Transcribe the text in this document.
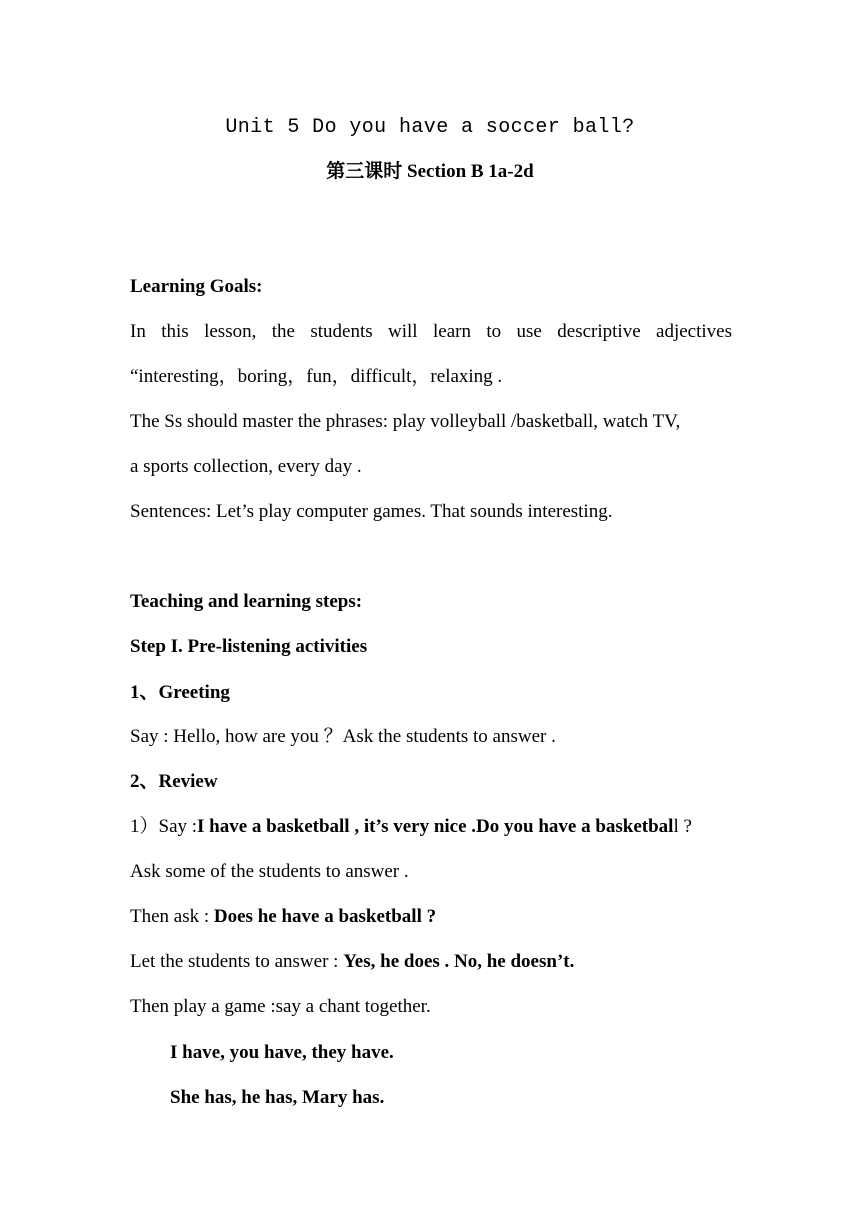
Unit 5 Do you have a soccer ball?
第三课时 Section B 1a-2d
Learning Goals:
In this lesson, the students will learn to use descriptive adjectives
“interesting，boring，fun，difficult，relaxing .
The Ss should master the phrases: play volleyball /basketball, watch TV,
a sports collection, every day .
Sentences: Let’s play computer games. That sounds interesting.
Teaching and learning steps:
Step I. Pre-listening activities
1、Greeting
Say : Hello, how are you ？Ask the students to answer .
2、Review
1）Say :I have a basketball , it’s very nice .Do you have a basketball ?
Ask some of the students to answer .
Then ask : Does he have a basketball ?
Let the students to answer : Yes, he does . No, he doesn’t.
Then play a game :say a chant together.
I have, you have, they have.
She has, he has, Mary has.
